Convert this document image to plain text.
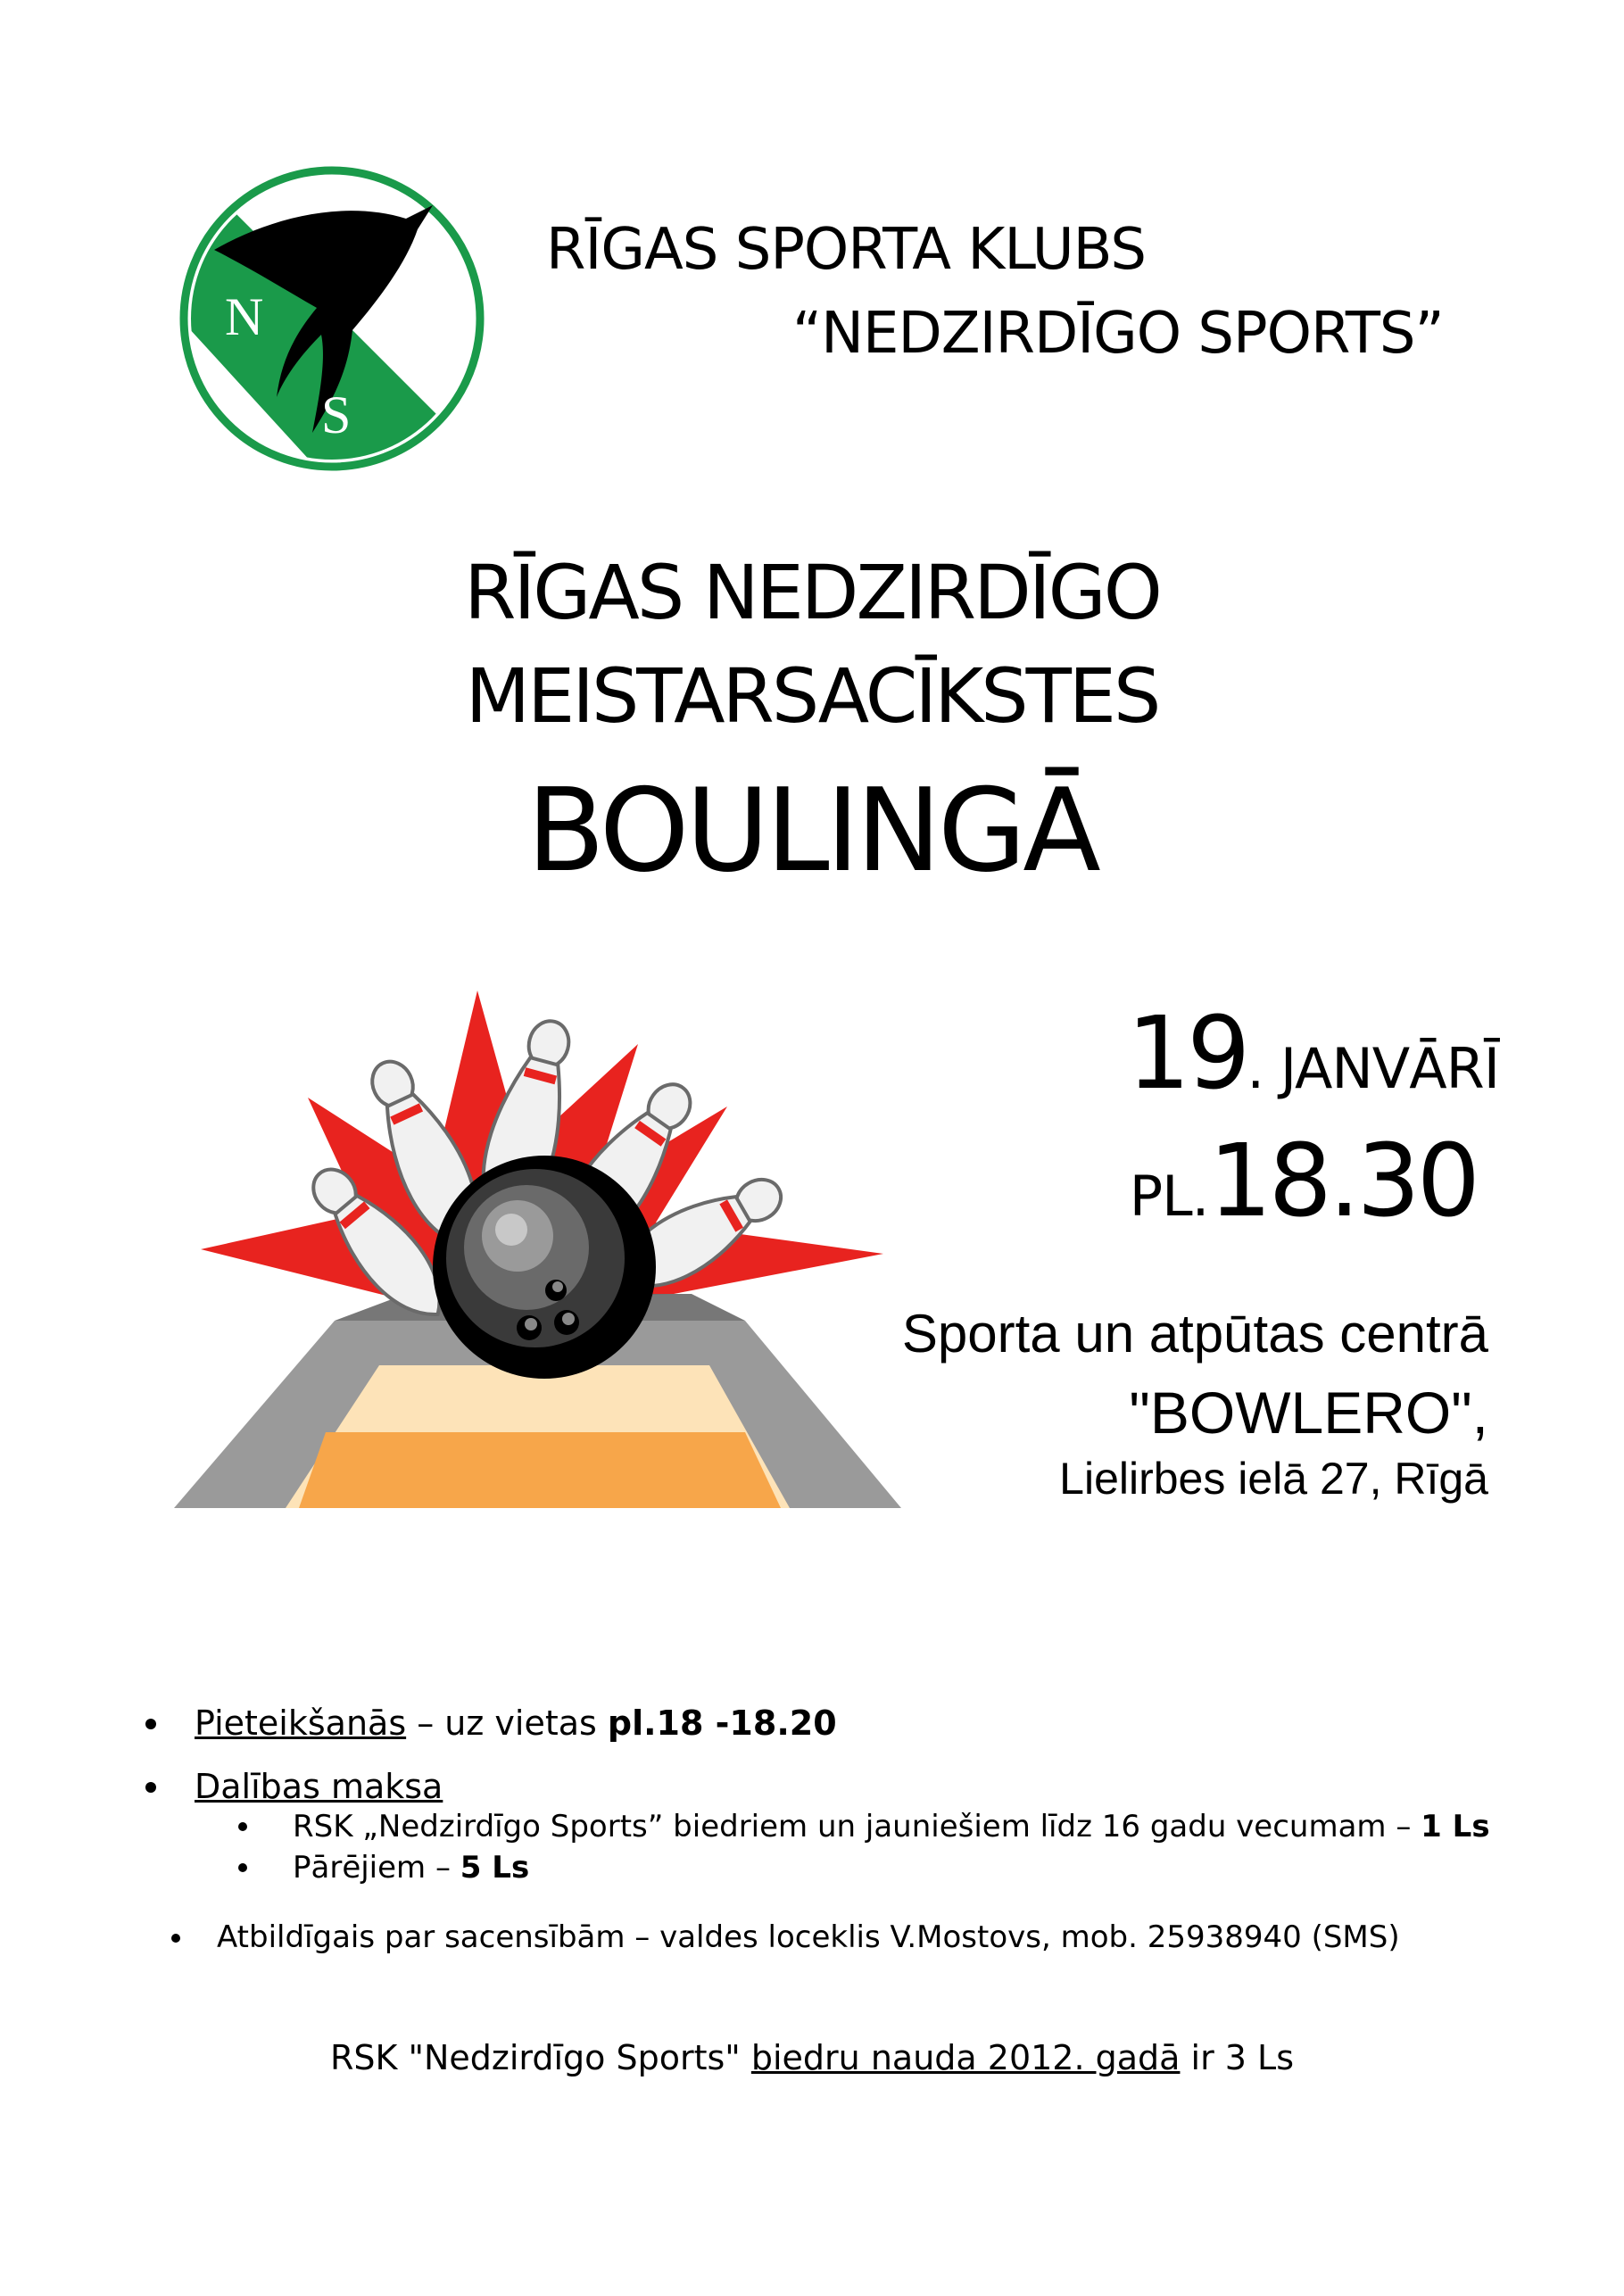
N
S
RĪGAS SPORTA KLUBS
“NEDZIRDĪGO SPORTS”
RĪGAS NEDZIRDĪGO
MEISTARSACĪKSTES
BOULINGĀ
19. JANVĀRĪ
PL.18.30
Sporta un atpūtas centrā
"BOWLERO",
Lielirbes ielā 27, Rīgā
Pieteikšanās – uz vietas pl.18 -18.20
Dalības maksa
RSK „Nedzirdīgo Sports” biedriem un jauniešiem līdz 16 gadu vecumam – 1 Ls
Pārējiem – 5 Ls
Atbildīgais par sacensībām – valdes loceklis V.Mostovs, mob. 25938940 (SMS)
RSK "Nedzirdīgo Sports" biedru nauda 2012. gadā ir 3 Ls
